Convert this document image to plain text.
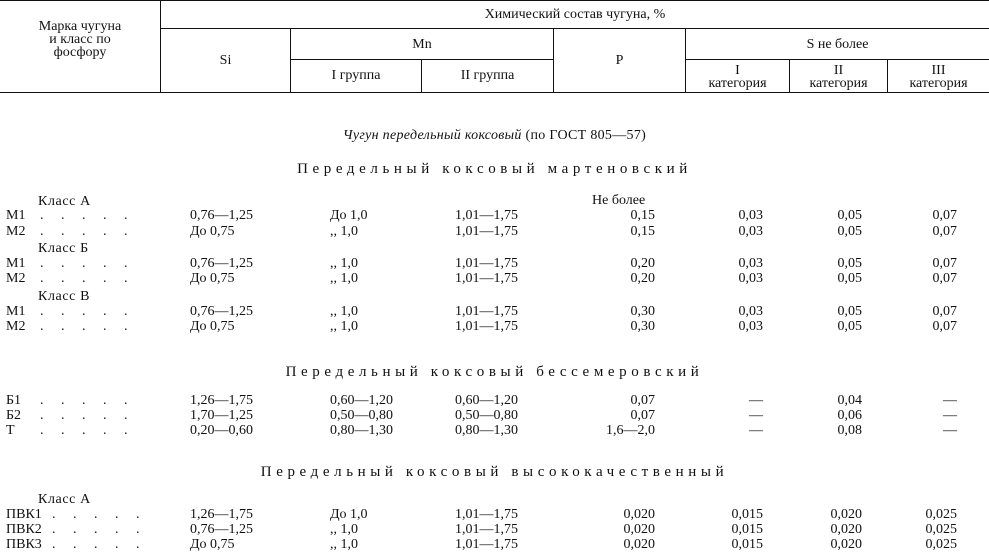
Марка чугуна
и класс по
фосфору
Химический состав чугуна, %
Si
Mn
I группа	II группа
P
S не более
I
категория
II
категория
III
категория
Чугун передельный коксовый (по ГОСТ 805—57)
Передельный коксовый мартеновский
Не более
Передельный коксовый бессемеровский
Передельный коксовый высококачественный
Класс А
Класс Б
Класс В
Класс А
М1	0,76—1,25	До 1,0	1,01—1,75	0,15	0,03	0,05	0,07
. . . . .
М2	До 0,75	,, 1,0	1,01—1,75	0,15	0,03	0,05	0,07
. . . . .
М1	0,76—1,25	,, 1,0	1,01—1,75	0,20	0,03	0,05	0,07
. . . . .
М2	До 0,75	,, 1,0	1,01—1,75	0,20	0,03	0,05	0,07
. . . . .
М1	0,76—1,25	,, 1,0	1,01—1,75	0,30	0,03	0,05	0,07
. . . . .
М2	До 0,75	,, 1,0	1,01—1,75	0,30	0,03	0,05	0,07
. . . . .
Б1	1,26—1,75	0,60—1,20	0,60—1,20	0,07	—	0,04	—
. . . . .
Б2	1,70—1,25	0,50—0,80	0,50—0,80	0,07	—	0,06	—
. . . . .
Т	0,20—0,60	0,80—1,30	0,80—1,30	1,6—2,0	—	0,08	—
. . . . .
ПВК1	1,26—1,75	До 1,0	1,01—1,75	0,020	0,015	0,020	0,025
. . . . .
ПВК2	0,76—1,25	,, 1,0	1,01—1,75	0,020	0,015	0,020	0,025
. . . . .
ПВК3	До 0,75	,, 1,0	1,01—1,75	0,020	0,015	0,020	0,025
. . . . .
